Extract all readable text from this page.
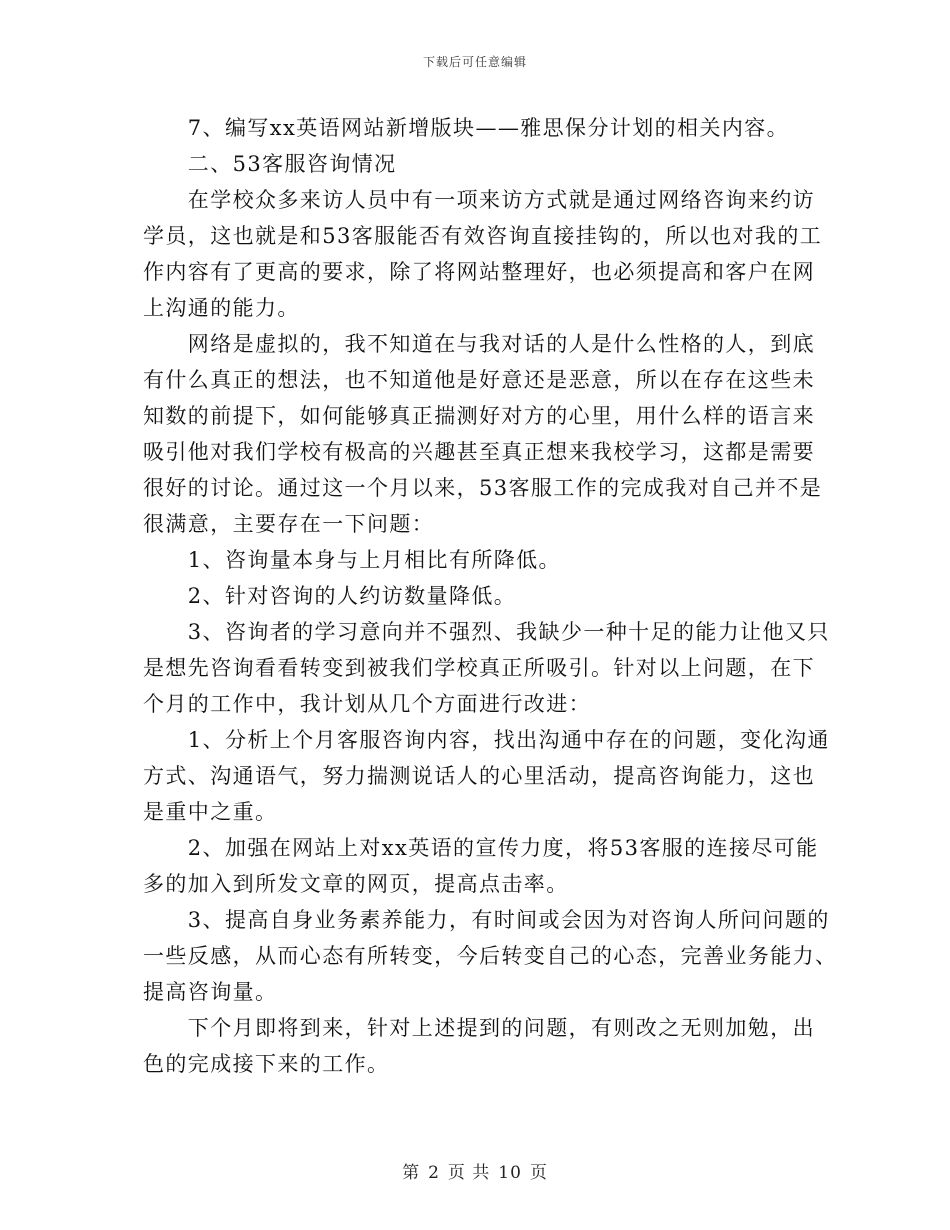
下载后可任意编辑
　　7、编写xx英语网站新增版块——雅思保分计划的相关内容。
　　二、53客服咨询情况
　　在学校众多来访人员中有一项来访方式就是通过网络咨询来约访
学员，这也就是和53客服能否有效咨询直接挂钩的，所以也对我的工
作内容有了更高的要求，除了将网站整理好，也必须提高和客户在网
上沟通的能力。
　　网络是虚拟的，我不知道在与我对话的人是什么性格的人，到底
有什么真正的想法，也不知道他是好意还是恶意，所以在存在这些未
知数的前提下，如何能够真正揣测好对方的心里，用什么样的语言来
吸引他对我们学校有极高的兴趣甚至真正想来我校学习，这都是需要
很好的讨论。通过这一个月以来，53客服工作的完成我对自己并不是
很满意，主要存在一下问题：
　　1、咨询量本身与上月相比有所降低。
　　2、针对咨询的人约访数量降低。
　　3、咨询者的学习意向并不强烈、我缺少一种十足的能力让他又只
是想先咨询看看转变到被我们学校真正所吸引。针对以上问题，在下
个月的工作中，我计划从几个方面进行改进：
　　1、分析上个月客服咨询内容，找出沟通中存在的问题，变化沟通
方式、沟通语气，努力揣测说话人的心里活动，提高咨询能力，这也
是重中之重。
　　2、加强在网站上对xx英语的宣传力度，将53客服的连接尽可能
多的加入到所发文章的网页，提高点击率。
　　3、提高自身业务素养能力，有时间或会因为对咨询人所问问题的
一些反感，从而心态有所转变，今后转变自己的心态，完善业务能力、
提高咨询量。
　　下个月即将到来，针对上述提到的问题，有则改之无则加勉，出
色的完成接下来的工作。
第 2 页 共 10 页
